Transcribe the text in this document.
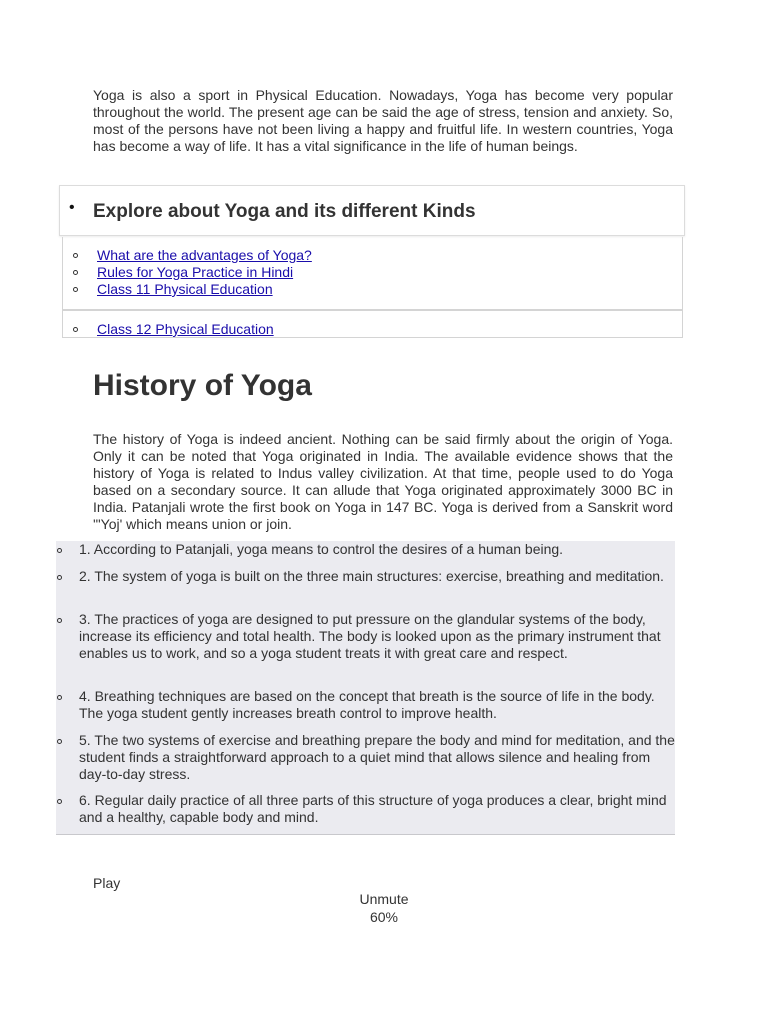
Yoga is also a sport in Physical Education. Nowadays, Yoga has become very popular throughout the world. The present age can be said the age of stress, tension and anxiety. So, most of the persons have not been living a happy and fruitful life. In western countries, Yoga has become a way of life. It has a vital significance in the life of human beings.

• Explore about Yoga and its different Kinds
What are the advantages of Yoga?
Rules for Yoga Practice in Hindi
Class 11 Physical Education
Class 12 Physical Education
History of Yoga

The history of Yoga is indeed ancient. Nothing can be said firmly about the origin of Yoga. Only it can be noted that Yoga originated in India. The available evidence shows that the history of Yoga is related to Indus valley civilization. At that time, people used to do Yoga based on a secondary source. It can allude that Yoga originated approximately 3000 BC in India. Patanjali wrote the first book on Yoga in 147 BC. Yoga is derived from a Sanskrit word '"Yoj' which means union or join.

1. According to Patanjali, yoga means to control the desires of a human being.
2. The system of yoga is built on the three main structures: exercise, breathing and meditation.
3. The practices of yoga are designed to put pressure on the glandular systems of the body, increase its efficiency and total health. The body is looked upon as the primary instrument that enables us to work, and so a yoga student treats it with great care and respect.
4. Breathing techniques are based on the concept that breath is the source of life in the body. The yoga student gently increases breath control to improve health.
5. The two systems of exercise and breathing prepare the body and mind for meditation, and the student finds a straightforward approach to a quiet mind that allows silence and healing from day-to-day stress.
6. Regular daily practice of all three parts of this structure of yoga produces a clear, bright mind and a healthy, capable body and mind.
Play
Unmute
60%
